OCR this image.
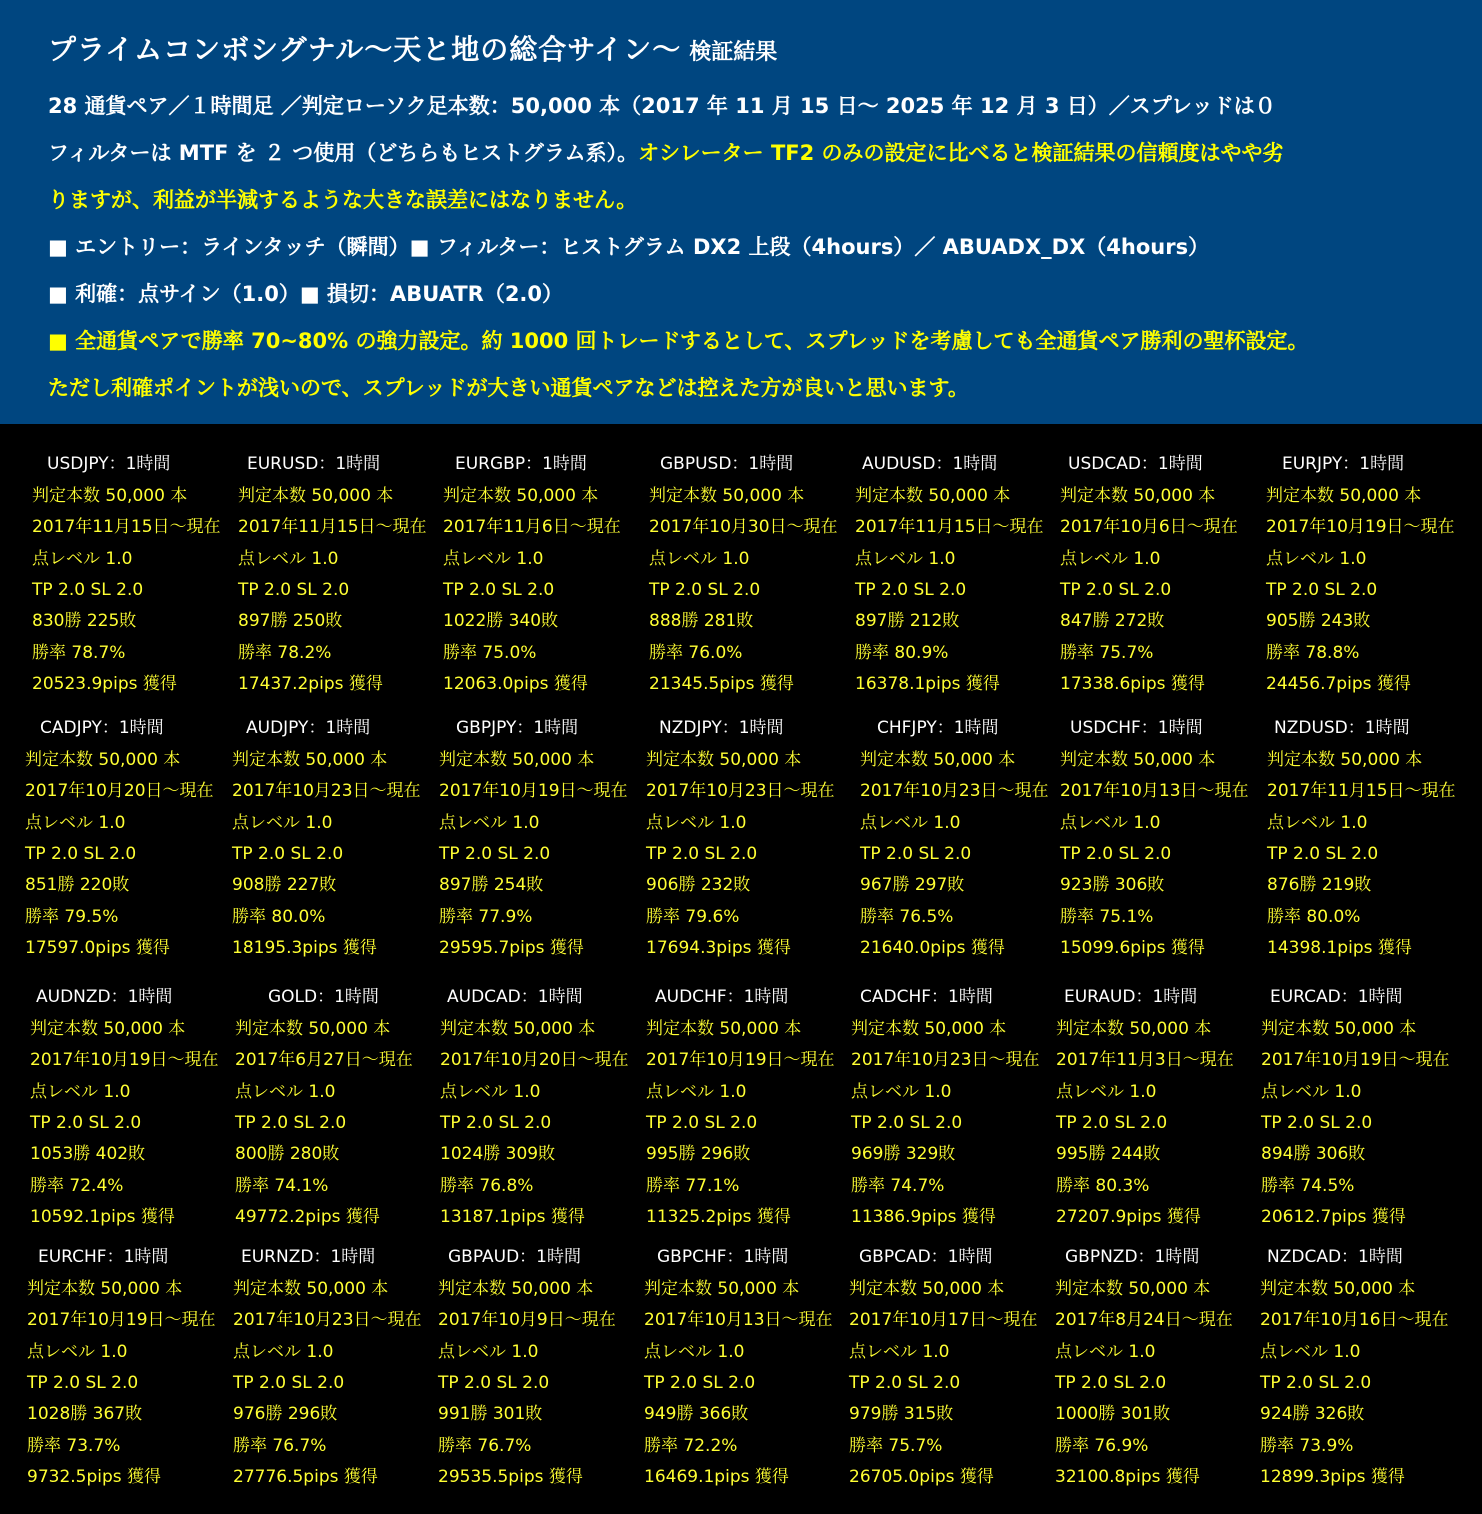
プライムコンボシグナル〜天と地の総合サイン〜 検証結果
28 通貨ペア／１時間足 ／判定ローソク足本数：50,000 本（2017 年 11 月 15 日〜 2025 年 12 月 3 日）／スプレッドは０
フィルターは MTF を ２ つ使用（どちらもヒストグラム系）。オシレーター TF2 のみの設定に比べると検証結果の信頼度はやや劣
りますが、利益が半減するような大きな誤差にはなりません。
■ エントリー：ラインタッチ（瞬間）■ フィルター：ヒストグラム DX2 上段（4hours）／ ABUADX_DX（4hours）
■ 利確：点サイン（1.0）■ 損切：ABUATR（2.0）
■ 全通貨ペアで勝率 70~80% の強力設定。約 1000 回トレードするとして、スプレッドを考慮しても全通貨ペア勝利の聖杯設定。
ただし利確ポイントが浅いので、スプレッドが大きい通貨ペアなどは控えた方が良いと思います。
USDJPY：1時間
判定本数 50,000 本
2017年11月15日〜現在
点レベル 1.0
TP 2.0 SL 2.0
830勝 225敗
勝率 78.7%
20523.9pips 獲得
EURUSD：1時間
判定本数 50,000 本
2017年11月15日〜現在
点レベル 1.0
TP 2.0 SL 2.0
897勝 250敗
勝率 78.2%
17437.2pips 獲得
EURGBP：1時間
判定本数 50,000 本
2017年11月6日〜現在
点レベル 1.0
TP 2.0 SL 2.0
1022勝 340敗
勝率 75.0%
12063.0pips 獲得
GBPUSD：1時間
判定本数 50,000 本
2017年10月30日〜現在
点レベル 1.0
TP 2.0 SL 2.0
888勝 281敗
勝率 76.0%
21345.5pips 獲得
AUDUSD：1時間
判定本数 50,000 本
2017年11月15日〜現在
点レベル 1.0
TP 2.0 SL 2.0
897勝 212敗
勝率 80.9%
16378.1pips 獲得
USDCAD：1時間
判定本数 50,000 本
2017年10月6日〜現在
点レベル 1.0
TP 2.0 SL 2.0
847勝 272敗
勝率 75.7%
17338.6pips 獲得
EURJPY：1時間
判定本数 50,000 本
2017年10月19日〜現在
点レベル 1.0
TP 2.0 SL 2.0
905勝 243敗
勝率 78.8%
24456.7pips 獲得
CADJPY：1時間
判定本数 50,000 本
2017年10月20日〜現在
点レベル 1.0
TP 2.0 SL 2.0
851勝 220敗
勝率 79.5%
17597.0pips 獲得
AUDJPY：1時間
判定本数 50,000 本
2017年10月23日〜現在
点レベル 1.0
TP 2.0 SL 2.0
908勝 227敗
勝率 80.0%
18195.3pips 獲得
GBPJPY：1時間
判定本数 50,000 本
2017年10月19日〜現在
点レベル 1.0
TP 2.0 SL 2.0
897勝 254敗
勝率 77.9%
29595.7pips 獲得
NZDJPY：1時間
判定本数 50,000 本
2017年10月23日〜現在
点レベル 1.0
TP 2.0 SL 2.0
906勝 232敗
勝率 79.6%
17694.3pips 獲得
CHFJPY：1時間
判定本数 50,000 本
2017年10月23日〜現在
点レベル 1.0
TP 2.0 SL 2.0
967勝 297敗
勝率 76.5%
21640.0pips 獲得
USDCHF：1時間
判定本数 50,000 本
2017年10月13日〜現在
点レベル 1.0
TP 2.0 SL 2.0
923勝 306敗
勝率 75.1%
15099.6pips 獲得
NZDUSD：1時間
判定本数 50,000 本
2017年11月15日〜現在
点レベル 1.0
TP 2.0 SL 2.0
876勝 219敗
勝率 80.0%
14398.1pips 獲得
AUDNZD：1時間
判定本数 50,000 本
2017年10月19日〜現在
点レベル 1.0
TP 2.0 SL 2.0
1053勝 402敗
勝率 72.4%
10592.1pips 獲得
GOLD：1時間
判定本数 50,000 本
2017年6月27日〜現在
点レベル 1.0
TP 2.0 SL 2.0
800勝 280敗
勝率 74.1%
49772.2pips 獲得
AUDCAD：1時間
判定本数 50,000 本
2017年10月20日〜現在
点レベル 1.0
TP 2.0 SL 2.0
1024勝 309敗
勝率 76.8%
13187.1pips 獲得
AUDCHF：1時間
判定本数 50,000 本
2017年10月19日〜現在
点レベル 1.0
TP 2.0 SL 2.0
995勝 296敗
勝率 77.1%
11325.2pips 獲得
CADCHF：1時間
判定本数 50,000 本
2017年10月23日〜現在
点レベル 1.0
TP 2.0 SL 2.0
969勝 329敗
勝率 74.7%
11386.9pips 獲得
EURAUD：1時間
判定本数 50,000 本
2017年11月3日〜現在
点レベル 1.0
TP 2.0 SL 2.0
995勝 244敗
勝率 80.3%
27207.9pips 獲得
EURCAD：1時間
判定本数 50,000 本
2017年10月19日〜現在
点レベル 1.0
TP 2.0 SL 2.0
894勝 306敗
勝率 74.5%
20612.7pips 獲得
EURCHF：1時間
判定本数 50,000 本
2017年10月19日〜現在
点レベル 1.0
TP 2.0 SL 2.0
1028勝 367敗
勝率 73.7%
9732.5pips 獲得
EURNZD：1時間
判定本数 50,000 本
2017年10月23日〜現在
点レベル 1.0
TP 2.0 SL 2.0
976勝 296敗
勝率 76.7%
27776.5pips 獲得
GBPAUD：1時間
判定本数 50,000 本
2017年10月9日〜現在
点レベル 1.0
TP 2.0 SL 2.0
991勝 301敗
勝率 76.7%
29535.5pips 獲得
GBPCHF：1時間
判定本数 50,000 本
2017年10月13日〜現在
点レベル 1.0
TP 2.0 SL 2.0
949勝 366敗
勝率 72.2%
16469.1pips 獲得
GBPCAD：1時間
判定本数 50,000 本
2017年10月17日〜現在
点レベル 1.0
TP 2.0 SL 2.0
979勝 315敗
勝率 75.7%
26705.0pips 獲得
GBPNZD：1時間
判定本数 50,000 本
2017年8月24日〜現在
点レベル 1.0
TP 2.0 SL 2.0
1000勝 301敗
勝率 76.9%
32100.8pips 獲得
NZDCAD：1時間
判定本数 50,000 本
2017年10月16日〜現在
点レベル 1.0
TP 2.0 SL 2.0
924勝 326敗
勝率 73.9%
12899.3pips 獲得
